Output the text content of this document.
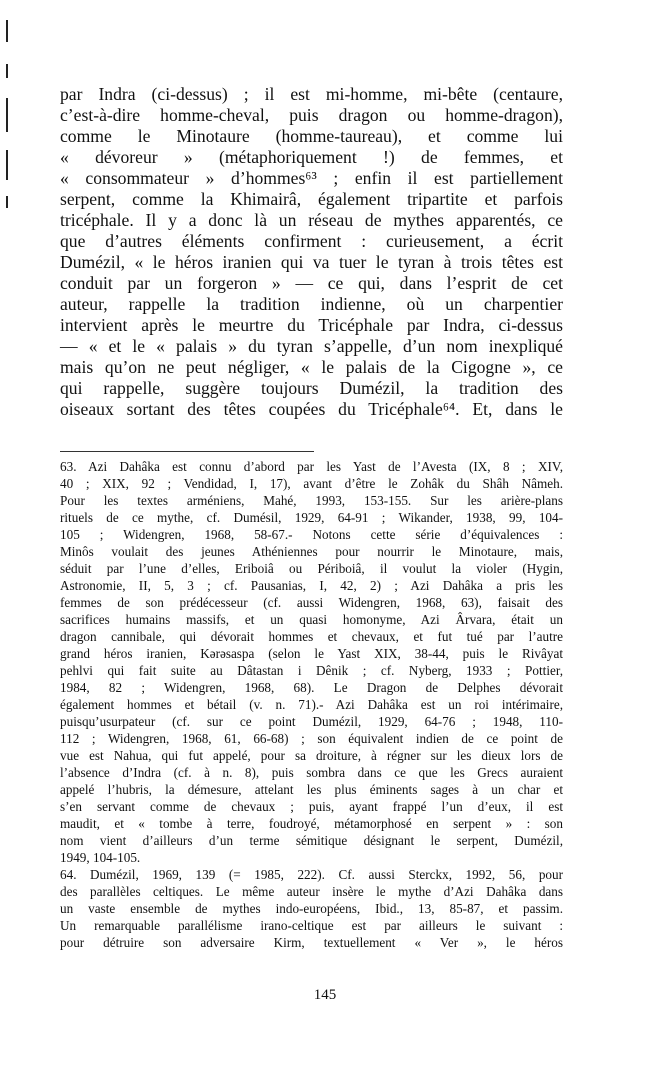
par Indra (ci-dessus) ; il est mi-homme, mi-bête (centaure,
c’est-à-dire homme-cheval, puis dragon ou homme-dragon),
comme le Minotaure (homme-taureau), et comme lui
« dévoreur » (métaphoriquement !) de femmes, et
« consommateur » d’hommes⁶³ ; enfin il est partiellement
serpent, comme la Khimairâ, également tripartite et parfois
tricéphale. Il y a donc là un réseau de mythes apparentés, ce
que d’autres éléments confirment : curieusement, a écrit
Dumézil, « le héros iranien qui va tuer le tyran à trois têtes est
conduit par un forgeron » — ce qui, dans l’esprit de cet
auteur, rappelle la tradition indienne, où un charpentier
intervient après le meurtre du Tricéphale par Indra, ci-dessus
— « et le « palais » du tyran s’appelle, d’un nom inexpliqué
mais qu’on ne peut négliger, « le palais de la Cigogne », ce
qui rappelle, suggère toujours Dumézil, la tradition des
oiseaux sortant des têtes coupées du Tricéphale⁶⁴. Et, dans le

63. Azi Dahâka est connu d’abord par les Yast de l’Avesta (IX, 8 ; XIV,
40 ; XIX, 92 ; Vendidad, I, 17), avant d’être le Zohâk du Shâh Nâmeh.
Pour les textes arméniens, Mahé, 1993, 153-155. Sur les arière-plans
rituels de ce mythe, cf. Dumésil, 1929, 64-91 ; Wikander, 1938, 99, 104-
105 ; Widengren, 1968, 58-67.- Notons cette série d’équivalences :
Minôs voulait des jeunes Athéniennes pour nourrir le Minotaure, mais,
séduit par l’une d’elles, Eriboiâ ou Périboiâ, il voulut la violer (Hygin,
Astronomie, II, 5, 3 ; cf. Pausanias, I, 42, 2) ; Azi Dahâka a pris les
femmes de son prédécesseur (cf. aussi Widengren, 1968, 63), faisait des
sacrifices humains massifs, et un quasi homonyme, Azi Ârvara, était un
dragon cannibale, qui dévorait hommes et chevaux, et fut tué par l’autre
grand héros iranien, Kərəsaspa (selon le Yast XIX, 38-44, puis le Rivâyat
pehlvi qui fait suite au Dâtastan i Dênik ; cf. Nyberg, 1933 ; Pottier,
1984, 82 ; Widengren, 1968, 68). Le Dragon de Delphes dévorait
également hommes et bétail (v. n. 71).- Azi Dahâka est un roi intérimaire,
puisqu’usurpateur (cf. sur ce point Dumézil, 1929, 64-76 ; 1948, 110-
112 ; Widengren, 1968, 61, 66-68) ; son équivalent indien de ce point de
vue est Nahua, qui fut appelé, pour sa droiture, à régner sur les dieux lors de
l’absence d’Indra (cf. à n. 8), puis sombra dans ce que les Grecs auraient
appelé l’hubris, la démesure, attelant les plus éminents sages à un char et
s’en servant comme de chevaux ; puis, ayant frappé l’un d’eux, il est
maudit, et « tombe à terre, foudroyé, métamorphosé en serpent » : son
nom vient d’ailleurs d’un terme sémitique désignant le serpent, Dumézil,
1949, 104-105.
64. Dumézil, 1969, 139 (= 1985, 222). Cf. aussi Sterckx, 1992, 56, pour
des parallèles celtiques. Le même auteur insère le mythe d’Azi Dahâka dans
un vaste ensemble de mythes indo-européens, Ibid., 13, 85-87, et passim.
Un remarquable parallélisme irano-celtique est par ailleurs le suivant :
pour détruire son adversaire Kirm, textuellement « Ver », le héros
145
